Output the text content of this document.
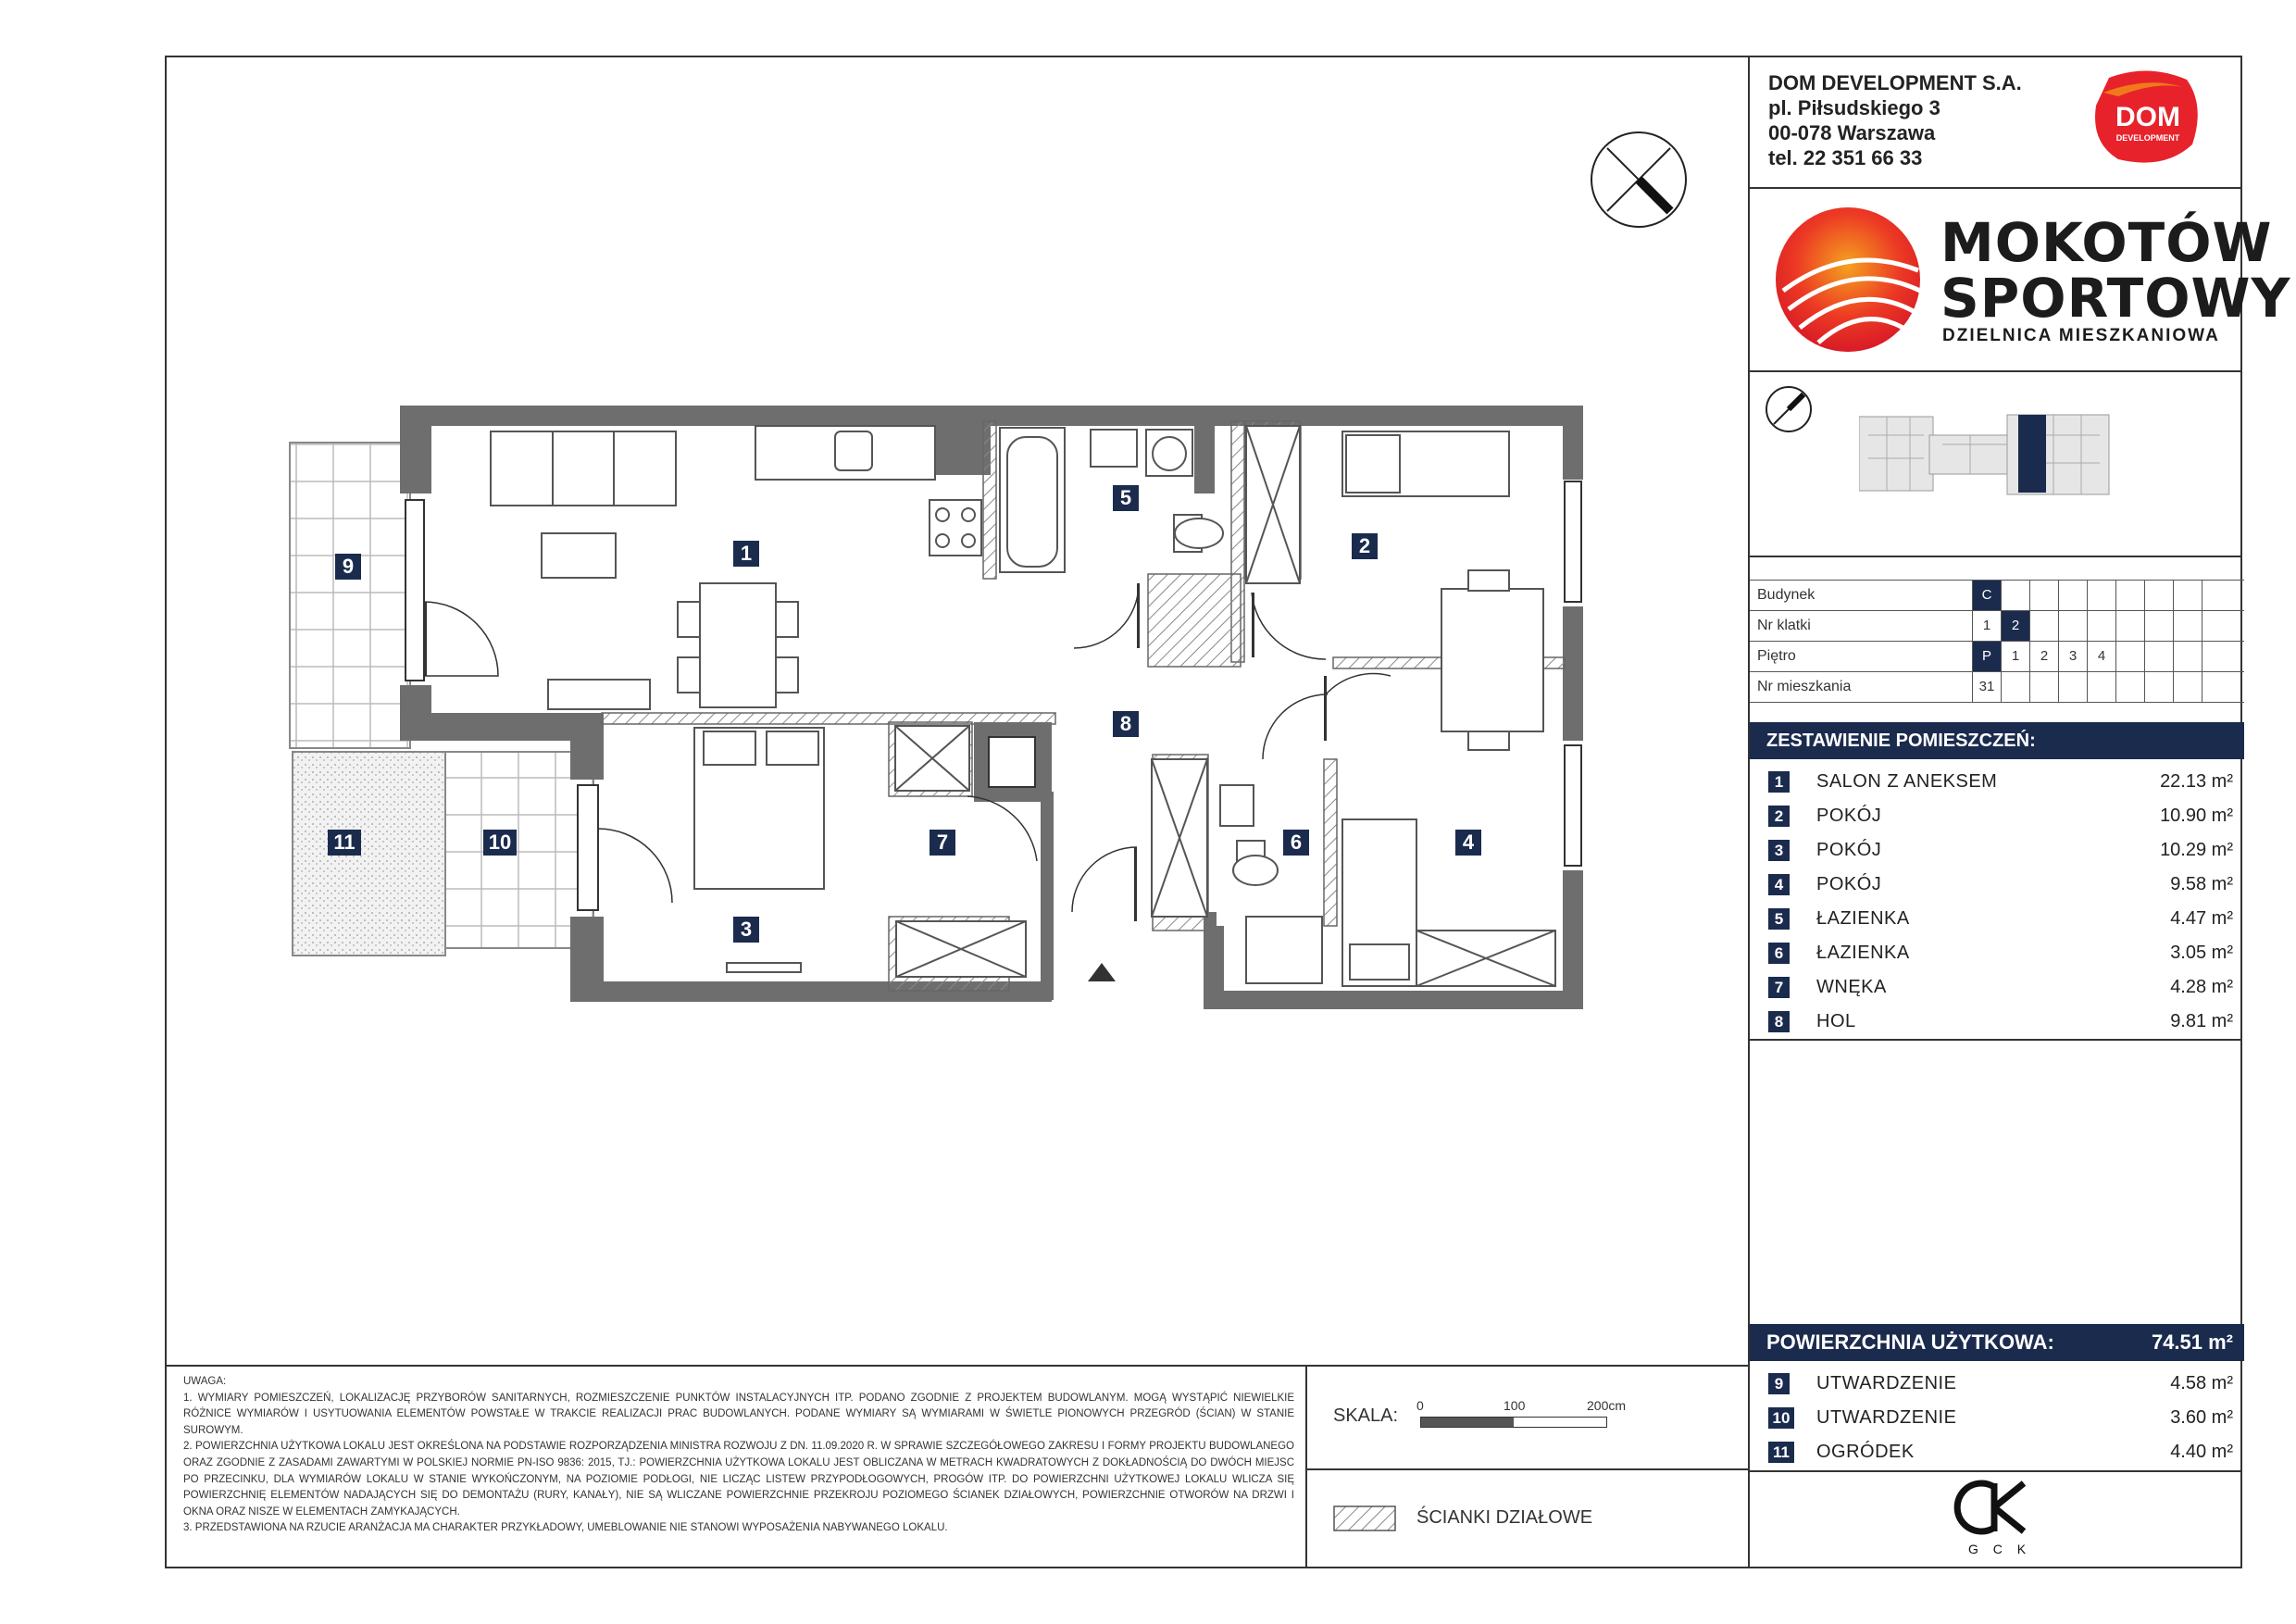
1	2
3
4
5
6
7
8
9
10
11
DOM DEVELOPMENT S.A.
pl. Piłsudskiego 3
00-078 Warszawa
tel. 22 351 66 33
DOM
DEVELOPMENT
MOKOTÓW
SPORTOWY
DZIELNICA MIESZKANIOWA
Budynek	C
Nr klatki	1	2
Piętro	P	1	2	3	4
Nr mieszkania	31
ZESTAWIENIE POMIESZCZEŃ:
1	SALON Z ANEKSEM	22.13 m²
2	POKÓJ	10.90 m²
3	POKÓJ	10.29 m²
4	POKÓJ	9.58 m²
5	ŁAZIENKA	4.47 m²
6	ŁAZIENKA	3.05 m²
7	WNĘKA	4.28 m²
8	HOL	9.81 m²
POWIERZCHNIA UŻYTKOWA:	74.51 m²
9	UTWARDZENIE	4.58 m²
10 UTWARDZENIE	3.60 m²
11 OGRÓDEK	4.40 m²
UWAGA:
1. WYMIARY POMIESZCZEŃ, LOKALIZACJĘ PRZYBORÓW SANITARNYCH, ROZMIESZCZENIE PUNKTÓW INSTALACYJNYCH ITP. PODANO ZGODNIE Z PROJEKTEM BUDOWLANYM. MOGĄ WYSTĄPIĆ NIEWIELKIE RÓŻNICE WYMIARÓW I USYTUOWANIA ELEMENTÓW POWSTAŁE W TRAKCIE REALIZACJI PRAC BUDOWLANYCH. PODANE WYMIARY SĄ WYMIARAMI W ŚWIETLE PIONOWYCH PRZEGRÓD (ŚCIAN) W STANIE SUROWYM.
2. POWIERZCHNIA UŻYTKOWA LOKALU JEST OKREŚLONA NA PODSTAWIE ROZPORZĄDZENIA MINISTRA ROZWOJU Z DN. 11.09.2020 R. W SPRAWIE SZCZEGÓŁOWEGO ZAKRESU I FORMY PROJEKTU BUDOWLANEGO ORAZ ZGODNIE Z ZASADAMI ZAWARTYMI W POLSKIEJ NORMIE PN-ISO 9836: 2015, TJ.: POWIERZCHNIA UŻYTKOWA LOKALU JEST OBLICZANA W METRACH KWADRATOWYCH Z DOKŁADNOŚCIĄ DO DWÓCH MIEJSC PO PRZECINKU, DLA WYMIARÓW LOKALU W STANIE WYKOŃCZONYM, NA POZIOMIE PODŁOGI, NIE LICZĄC LISTEW PRZYPODŁOGOWYCH, PROGÓW ITP. DO POWIERZCHNI UŻYTKOWEJ LOKALU WLICZA SIĘ POWIERZCHNIĘ ELEMENTÓW NADAJĄCYCH SIĘ DO DEMONTAŻU (RURY, KANAŁY), NIE SĄ WLICZANE POWIERZCHNIE PRZEKROJU POZIOMEGO ŚCIANEK DZIAŁOWYCH, POWIERZCHNIE OTWORÓW NA DRZWI I OKNA ORAZ NISZE W ELEMENTACH ZAMYKAJĄCYCH.
3. PRZEDSTAWIONA NA RZUCIE ARANŻACJA MA CHARAKTER PRZYKŁADOWY, UMEBLOWANIE NIE STANOWI WYPOSAŻENIA NABYWANEGO LOKALU.
SKALA: 0	100	200cm
ŚCIANKI DZIAŁOWE
G C K
